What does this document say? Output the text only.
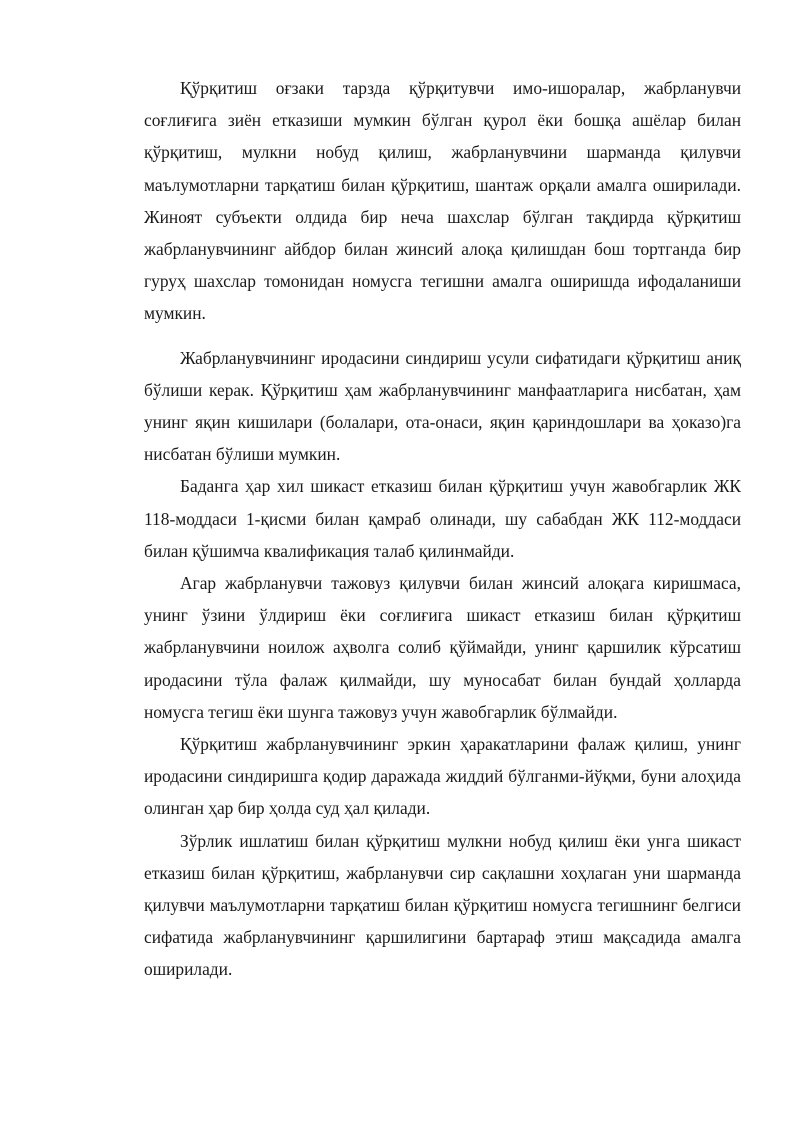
Қўрқитиш оғзаки тарзда қўрқитувчи имо-ишоралар, жабрланувчи соғлиғига зиён етказиши мумкин бўлган қурол ёки бошқа ашёлар билан қўрқитиш, мулкни нобуд қилиш, жабрланувчини шарманда қилувчи маълумотларни тарқатиш билан қўрқитиш, шантаж орқали амалга оширилади. Жиноят субъекти олдида бир неча шахслар бўлган тақдирда қўрқитиш жабрланувчининг айбдор билан жинсий алоқа қилишдан бош тортганда бир гуруҳ шахслар томонидан номусга тегишни амалга оширишда ифодаланиши мумкин.

Жабрланувчининг иродасини синдириш усули сифатидаги қўрқитиш аниқ бўлиши керак. Қўрқитиш ҳам жабрланувчининг манфаатларига нисбатан, ҳам унинг яқин кишилари (болалари, ота-онаси, яқин қариндошлари ва ҳоказо)га нисбатан бўлиши мумкин.

Баданга ҳар хил шикаст етказиш билан қўрқитиш учун жавобгарлик ЖК 118-моддаси 1-қисми билан қамраб олинади, шу сабабдан ЖК 112-моддаси билан қўшимча квалификация талаб қилинмайди.

Агар жабрланувчи тажовуз қилувчи билан жинсий алоқага киришмаса, унинг ўзини ўлдириш ёки соғлиғига шикаст етказиш билан қўрқитиш жабрланувчини ноилож аҳволга солиб қўймайди, унинг қаршилик кўрсатиш иродасини тўла фалаж қилмайди, шу муносабат билан бундай ҳолларда номусга тегиш ёки шунга тажовуз учун жавобгарлик бўлмайди.

Қўрқитиш жабрланувчининг эркин ҳаракатларини фалаж қилиш, унинг иродасини синдиришга қодир даражада жиддий бўлганми-йўқми, буни алоҳида олинган ҳар бир ҳолда суд ҳал қилади.

Зўрлик ишлатиш билан қўрқитиш мулкни нобуд қилиш ёки унга шикаст етказиш билан қўрқитиш, жабрланувчи сир сақлашни хоҳлаган уни шарманда қилувчи маълумотларни тарқатиш билан қўрқитиш номусга тегишнинг белгиси сифатида жабрланувчининг қаршилигини бартараф этиш мақсадида амалга оширилади.
